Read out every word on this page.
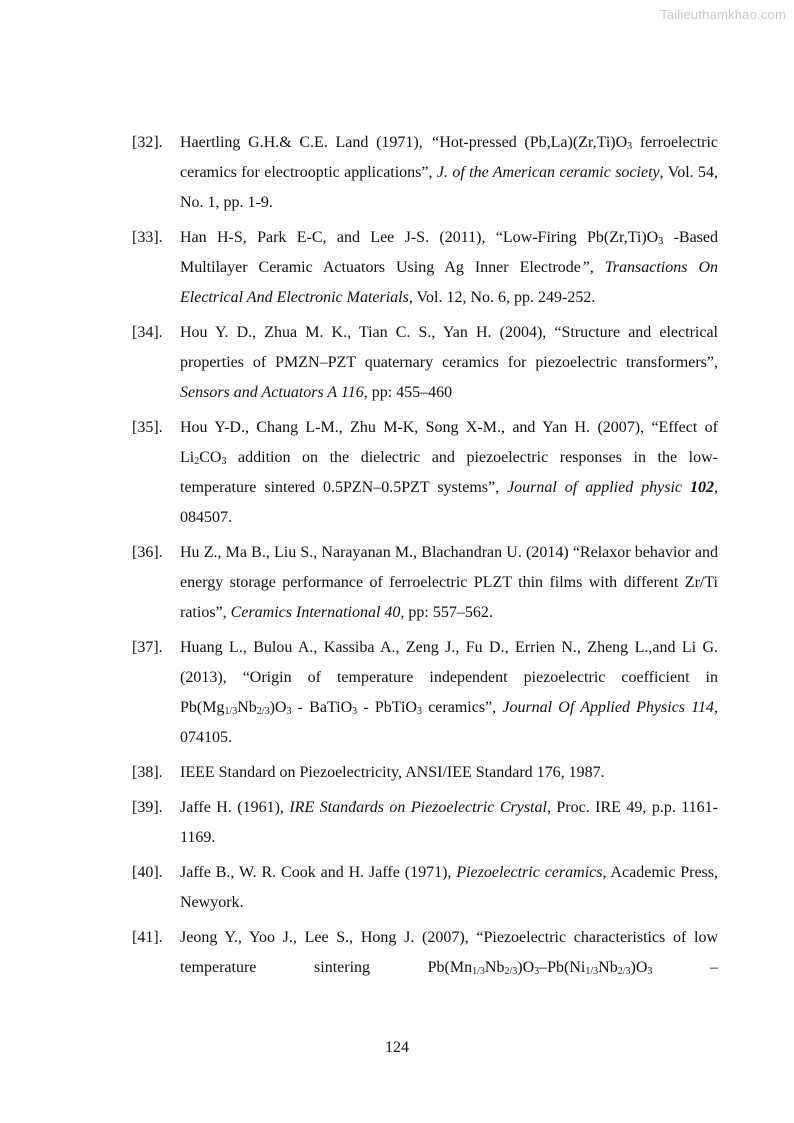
Tailieuthamkhao.com
[32]. Haertling G.H.& C.E. Land (1971), “Hot-pressed $(Pb,La)(Zr,Ti)O_3$ ferroelectric ceramics for electrooptic applications”, J. of the American ceramic society, Vol. 54, No. 1, pp. 1-9.
[33]. Han H-S, Park E-C, and Lee J-S. (2011), “Low-Firing $Pb(Zr,Ti)O_3$ -Based Multilayer Ceramic Actuators Using Ag Inner Electrode”, Transactions On Electrical And Electronic Materials, Vol. 12, No. 6, pp. 249-252.
[34]. Hou Y. D., Zhua M. K., Tian C. S., Yan H. (2004), “Structure and electrical properties of PMZN–PZT quaternary ceramics for piezoelectric transformers”, Sensors and Actuators A 116, pp: 455–460
[35]. Hou Y-D., Chang L-M., Zhu M-K, Song X-M., and Yan H. (2007), “Effect of $Li_2CO_3$ addition on the dielectric and piezoelectric responses in the low-temperature sintered 0.5PZN–0.5PZT systems”, Journal of applied physic 102, 084507.
[36]. Hu Z., Ma B., Liu S., Narayanan M., Blachandran U. (2014) “Relaxor behavior and energy storage performance of ferroelectric PLZT thin films with different Zr/Ti ratios”, Ceramics International 40, pp: 557–562.
[37]. Huang L., Bulou A., Kassiba A., Zeng J., Fu D., Errien N., Zheng L.,and Li G. (2013), “Origin of temperature independent piezoelectric coefficient in $Pb(Mg_{1/3}Nb_{2/3})O_3$ - BaTiO$_3$ - PbTiO$_3$ ceramics”, Journal Of Applied Physics 114, 074105.
[38]. IEEE Standard on Piezoelectricity, ANSI/IEE Standard 176, 1987.
[39]. Jaffe H. (1961), IRE Stanđards on Piezoelectric Crystal, Proc. IRE 49, p.p. 1161-1169.
[40]. Jaffe B., W. R. Cook and H. Jaffe (1971), Piezoelectric ceramics, Academic Press, Newyork.
[41]. Jeong Y., Yoo J., Lee S., Hong J. (2007), “Piezoelectric characteristics of low temperature sintering $Pb(Mn_{1/3}Nb_{2/3})O_3-Pb(Ni_{1/3}Nb_{2/3})O_3$ –
124
